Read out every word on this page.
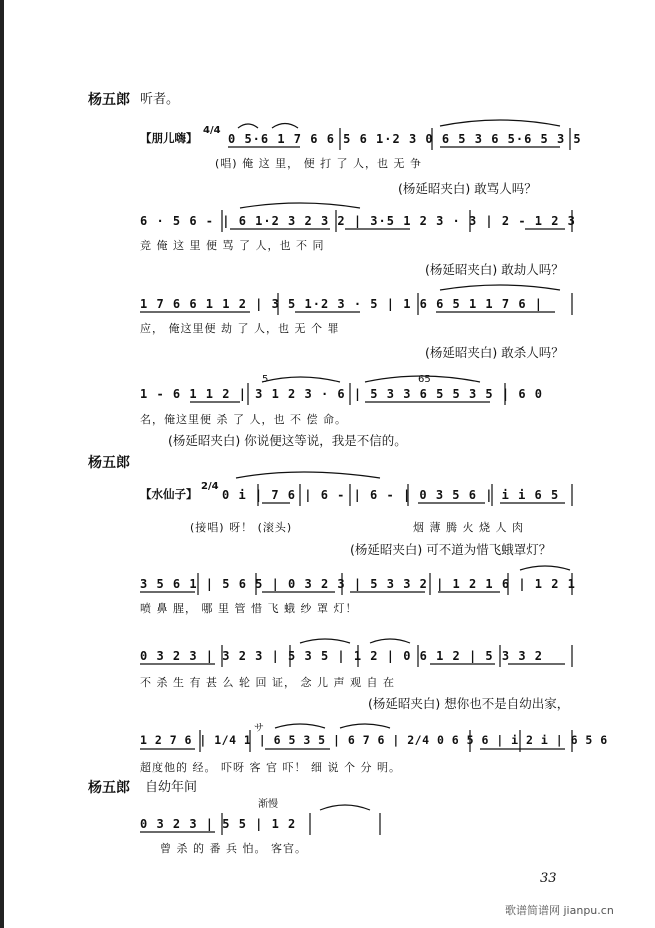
杨五郎 听者。
【朋儿嗨】
4/4
0 5·6 1 7 6 6 5 6 1·2 3 0 6 5 3 6 5·6 5 3 5
(唱) 俺 这 里， 便 打 了 人，也 无 争
(杨延昭夹白) 敢骂人吗？
6 · 5 6 - | 6 1·2 3 2 3 2 | 3·5 1 2 3 · 3 | 2 - 1 2 3
竞 俺 这 里 便 骂 了 人，也 不 同
(杨延昭夹白) 敢劫人吗？
1 7 6 6 1 1 2 | 3 5 1·2 3 · 5 | 1 6 6 5 1 1 7 6 |
应， 俺这里便 劫 了 人，也 无 个 罪
(杨延昭夹白) 敢杀人吗？
5	65
1 - 6 1 1 2 | 3 1 2 3 · 6 | 5 3 3 6 5 5 3 5 | 6 0
名，俺这里便 杀 了 人，也 不 偿 命。
(杨延昭夹白) 你说便这等说，我是不信的。
杨五郎
【水仙子】
2/4
0 i | 7 6 | 6 - | 6 - | 0 3 5 6 | i i 6 5
(接唱) 呀！ (滚头)	烟 薄 腾 火 烧 人 肉
(杨延昭夹白) 可不道为惜飞蛾罩灯？
3 5 6 1 | 5 6 5 | 0 3 2 3 | 5 3 3 2 | 1 2 1 6 | 1 2 1
喷 鼻 腥， 哪 里 管 惜 飞 蛾 纱 罩 灯！
0 3 2 3 | 3 2 3 | 5 3 5 | 1 2 | 0 6 1 2 | 5 3 3 2
不 杀 生 有 甚 么 轮 回 证， 念 儿 声 观 自 在
(杨延昭夹白) 想你也不是自幼出家，
サ
1 2 7 6 | 1/4 1 | 6 5 3 5 | 6 7 6 | 2/4 0 6 5 6 | i 2 i | 6 5 6
超度他的 经。 吓呀 客 官 吓！ 细 说 个 分 明。
杨五郎 自幼年间
渐慢
0 3 2 3 | 5 5 | 1 2
曾 杀 的 番 兵 怕。 客官。
33
歌谱简谱网 jianpu.cn
